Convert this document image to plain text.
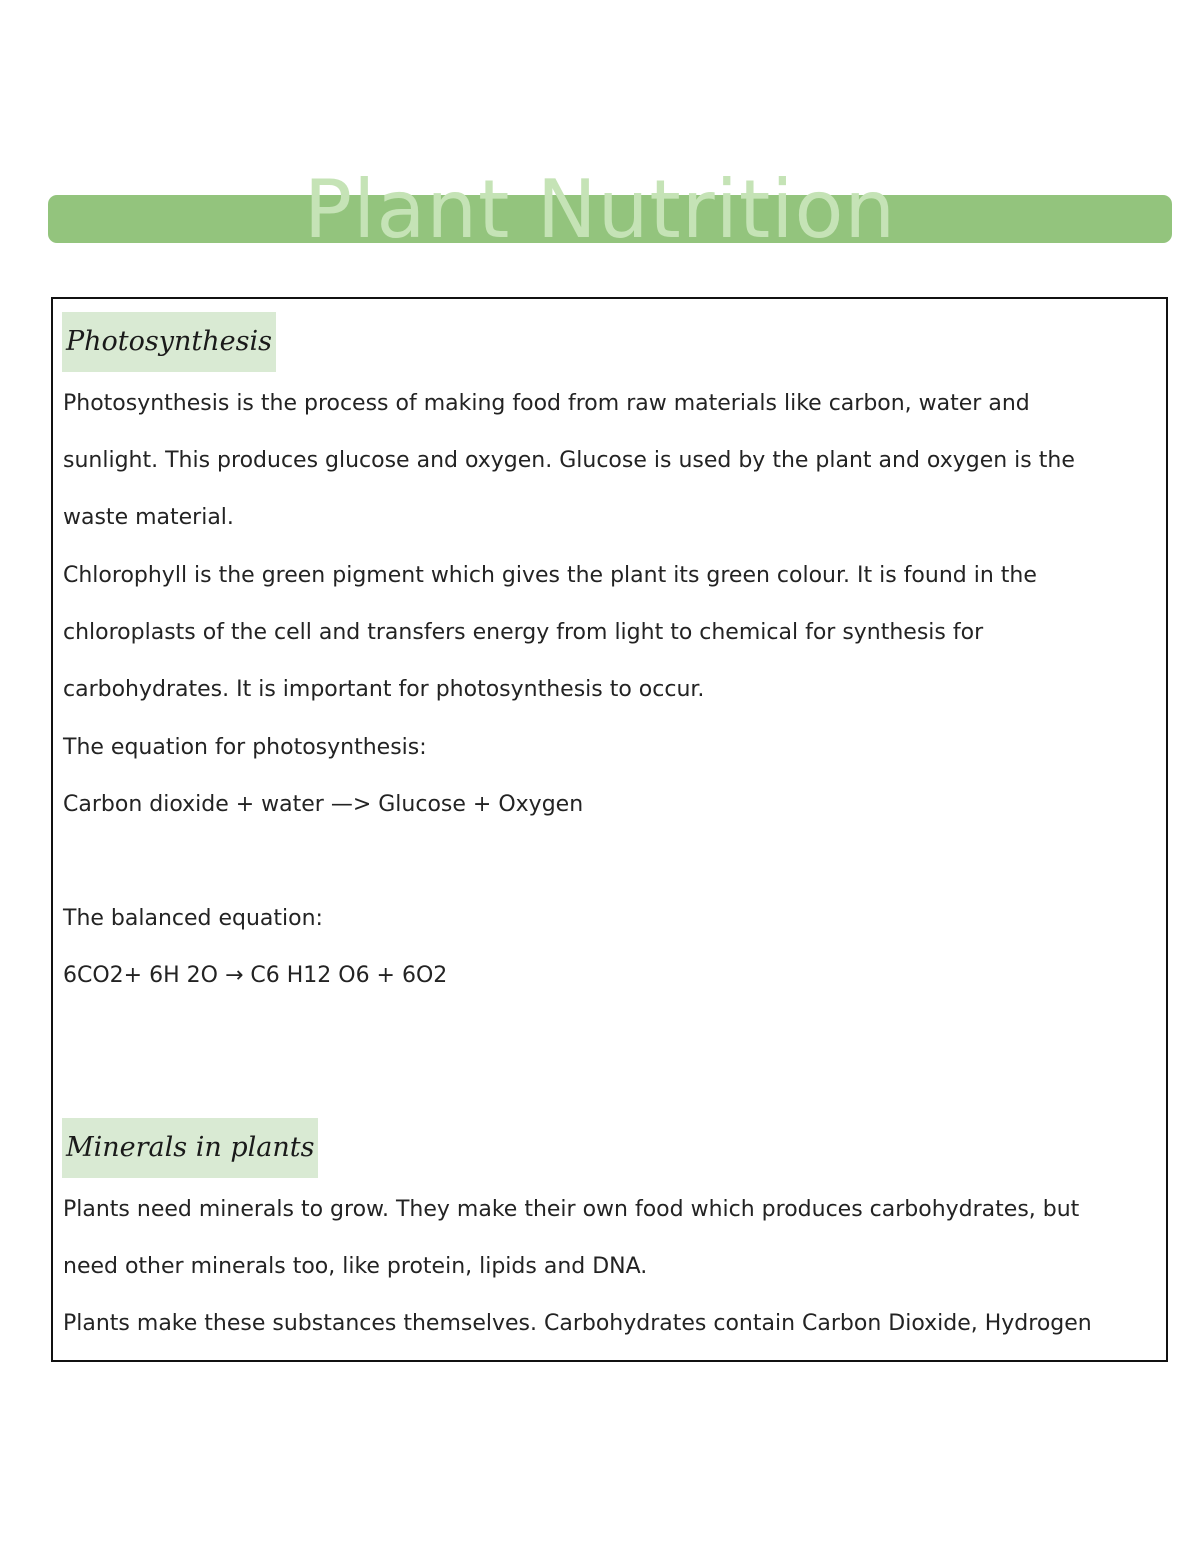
Plant Nutrition
Photosynthesis

Photosynthesis is the process of making food from raw materials like carbon, water and

sunlight. This produces glucose and oxygen. Glucose is used by the plant and oxygen is the

waste material.

Chlorophyll is the green pigment which gives the plant its green colour. It is found in the

chloroplasts of the cell and transfers energy from light to chemical for synthesis for

carbohydrates. It is important for photosynthesis to occur.

The equation for photosynthesis:

Carbon dioxide + water —> Glucose + Oxygen

The balanced equation:

6CO2+ 6H 2O → C6 H12 O6 + 6O2

Minerals in plants

Plants need minerals to grow. They make their own food which produces carbohydrates, but

need other minerals too, like protein, lipids and DNA.

Plants make these substances themselves. Carbohydrates contain Carbon Dioxide, Hydrogen
